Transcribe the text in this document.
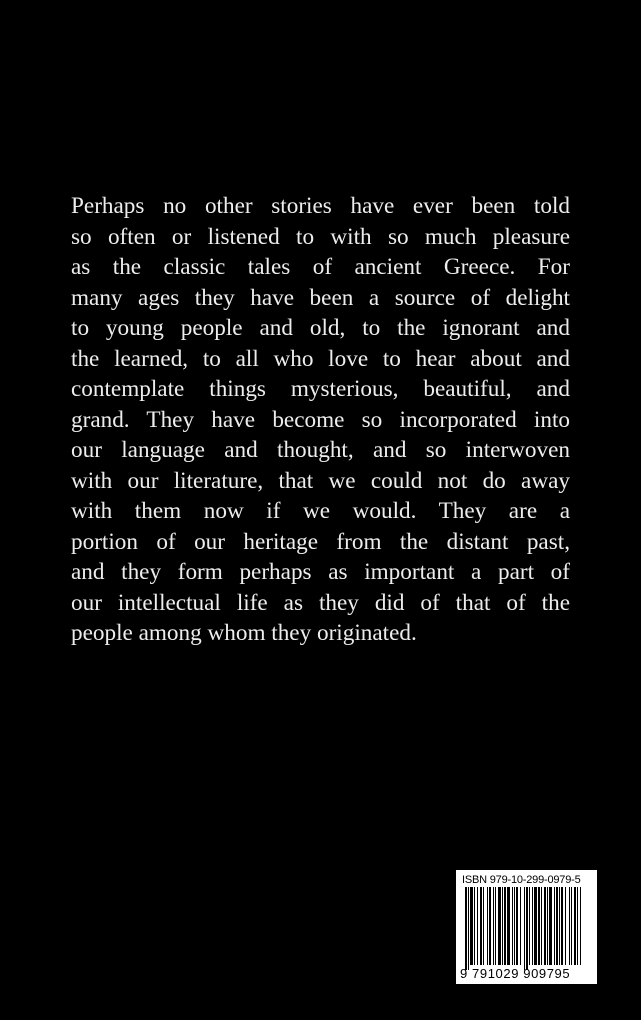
Perhaps no other stories have ever been told
so often or listened to with so much pleasure
as the classic tales of ancient Greece. For
many ages they have been a source of delight
to young people and old, to the ignorant and
the learned, to all who love to hear about and
contemplate things mysterious, beautiful, and
grand. They have become so incorporated into
our language and thought, and so interwoven
with our literature, that we could not do away
with them now if we would. They are a
portion of our heritage from the distant past,
and they form perhaps as important a part of
our intellectual life as they did of that of the
people among whom they originated.
ISBN 979-10-299-0979-5
9 791029 909795
